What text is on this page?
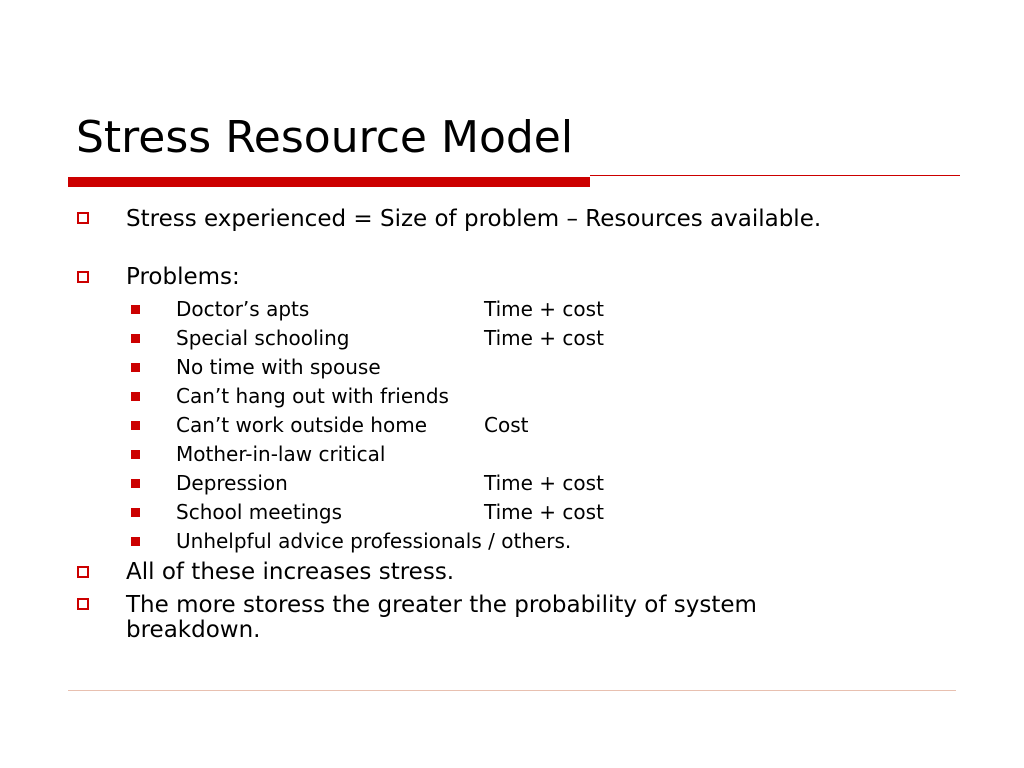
Stress Resource Model
Stress experienced = Size of problem – Resources available.
Problems:
Doctor’s apts	Time + cost
Special schooling	Time + cost
No time with spouse
Can’t hang out with friends
Can’t work outside home	Cost
Mother-in-law critical
Depression	Time + cost
School meetings	Time + cost
Unhelpful advice professionals / others.
All of these increases stress.
The more storess the greater the probability of system breakdown.
